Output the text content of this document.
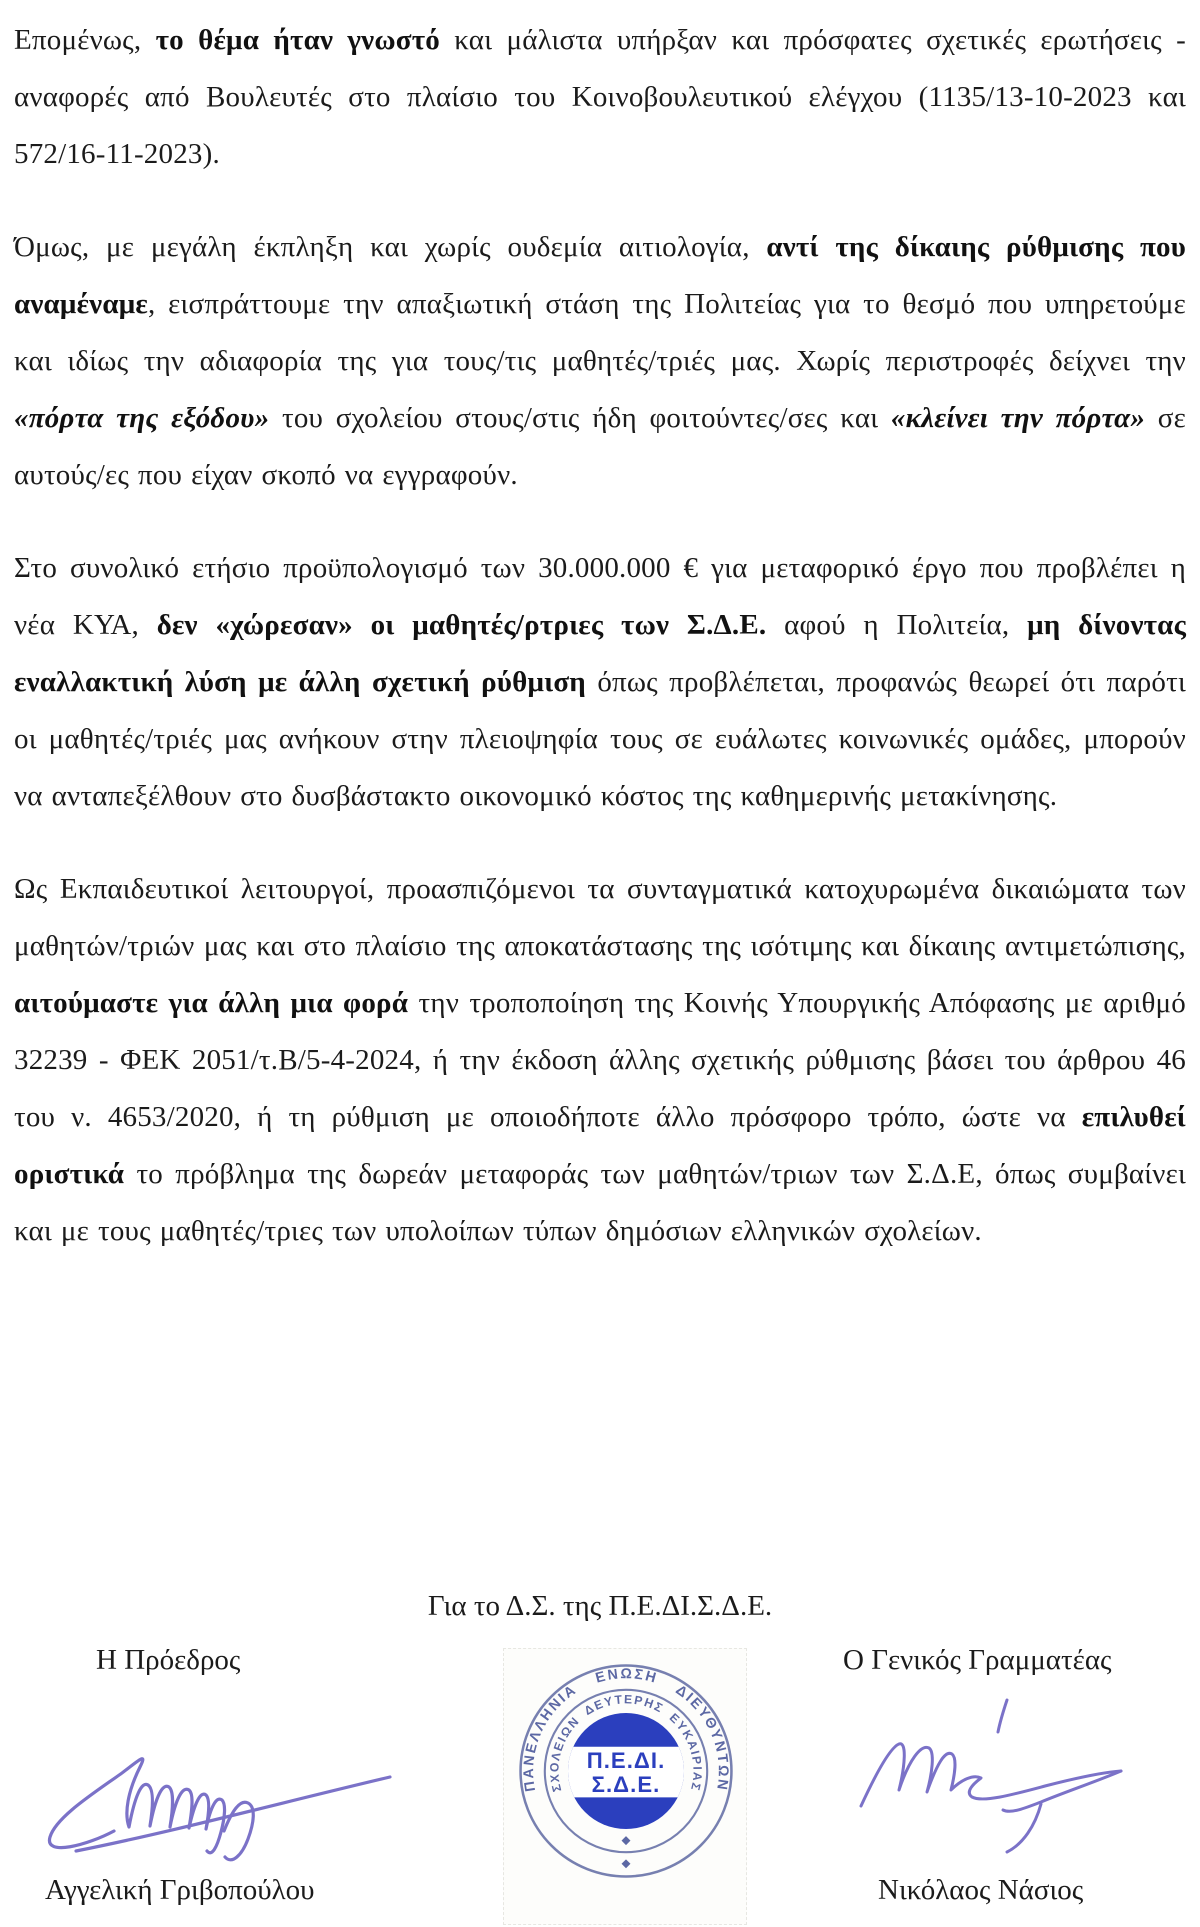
Επομένως, το θέμα ήταν γνωστό και μάλιστα υπήρξαν και πρόσφατες σχετικές ερωτήσεις - αναφορές από Βουλευτές στο πλαίσιο του Κοινοβουλευτικού ελέγχου (1135/13-10-2023 και 572/16-11-2023).

Όμως, με μεγάλη έκπληξη και χωρίς ουδεμία αιτιολογία, αντί της δίκαιης ρύθμισης που αναμέναμε, εισπράττουμε την απαξιωτική στάση της Πολιτείας για το θεσμό που υπηρετούμε και ιδίως την αδιαφορία της για τους/τις μαθητές/τριές μας. Χωρίς περιστροφές δείχνει την «πόρτα της εξόδου» του σχολείου στους/στις ήδη φοιτούντες/σες και «κλείνει την πόρτα» σε αυτούς/ες που είχαν σκοπό να εγγραφούν.

Στο συνολικό ετήσιο προϋπολογισμό των 30.000.000 € για μεταφορικό έργο που προβλέπει η νέα ΚΥΑ, δεν «χώρεσαν» οι μαθητές/ρτριες των Σ.Δ.Ε. αφού η Πολιτεία, μη δίνοντας εναλλακτική λύση με άλλη σχετική ρύθμιση όπως προβλέπεται, προφανώς θεωρεί ότι παρότι οι μαθητές/τριές μας ανήκουν στην πλειοψηφία τους σε ευάλωτες κοινωνικές ομάδες, μπορούν να ανταπεξέλθουν στο δυσβάστακτο οικονομικό κόστος της καθημερινής μετακίνησης.

Ως Εκπαιδευτικοί λειτουργοί, προασπιζόμενοι τα συνταγματικά κατοχυρωμένα δικαιώματα των μαθητών/τριών μας και στο πλαίσιο της αποκατάστασης της ισότιμης και δίκαιης αντιμετώπισης, αιτούμαστε για άλλη μια φορά την τροποποίηση της Κοινής Υπουργικής Απόφασης με αριθμό 32239 - ΦΕΚ 2051/τ.Β/5-4-2024, ή την έκδοση άλλης σχετικής ρύθμισης βάσει του άρθρου 46 του ν. 4653/2020, ή τη ρύθμιση με οποιοδήποτε άλλο πρόσφορο τρόπο, ώστε να επιλυθεί οριστικά το πρόβλημα της δωρεάν μεταφοράς των μαθητών/τριων των Σ.Δ.Ε, όπως συμβαίνει και με τους μαθητές/τριες των υπολοίπων τύπων δημόσιων ελληνικών σχολείων.

Για το Δ.Σ. της Π.Ε.ΔΙ.Σ.Δ.Ε.
Η Πρόεδρος	Ο Γενικός Γραμματέας
ΠΑΝΕΛΛΗΝΙΑ ΕΝΩΣΗ ΔΙΕΥΘΥΝΤΩΝ
ΣΧΟΛΕΙΩΝ ΔΕΥΤΕΡΗΣ ΕΥΚΑΙΡΙΑΣ
Π.Ε.ΔΙ.
Σ.Δ.Ε.
Αγγελική Γριβοπούλου	Νικόλαος Νάσιος
